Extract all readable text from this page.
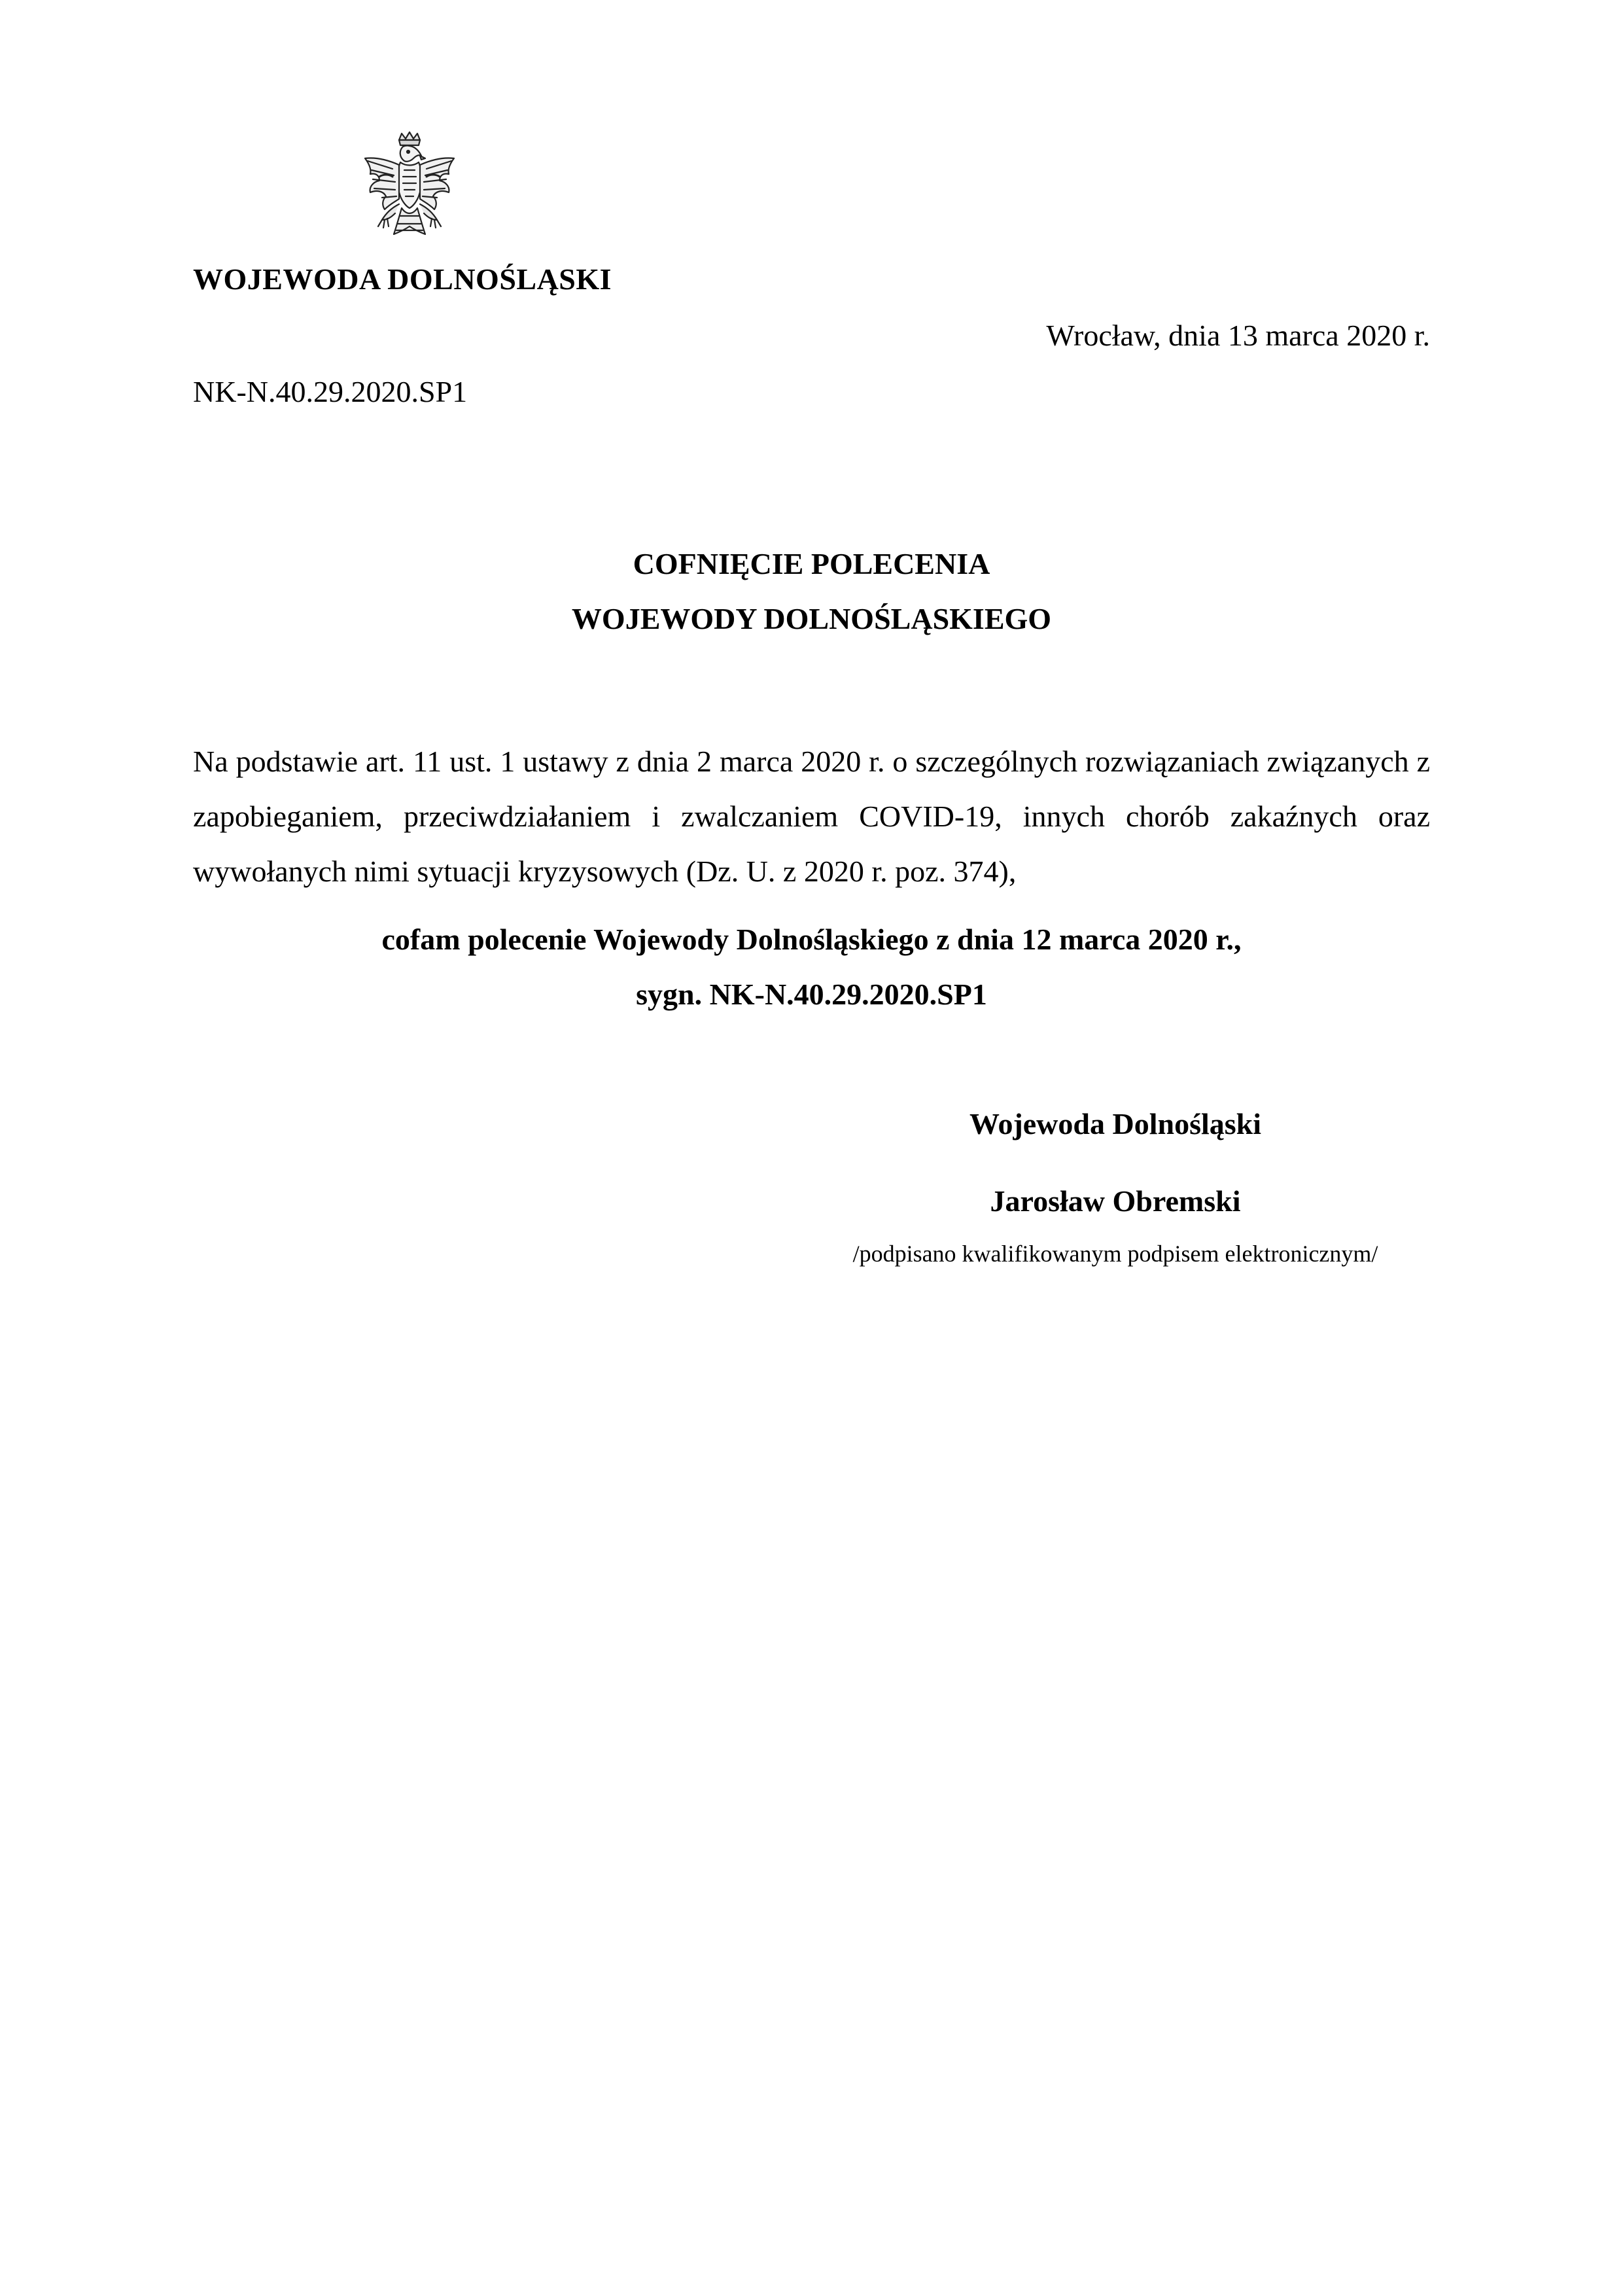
WOJEWODA DOLNOŚLĄSKI
Wrocław, dnia 13 marca 2020 r.
NK-N.40.29.2020.SP1
COFNIĘCIE POLECENIA
WOJEWODY DOLNOŚLĄSKIEGO
Na podstawie art. 11 ust. 1 ustawy z dnia 2 marca 2020 r. o szczególnych rozwiązaniach związanych z zapobieganiem, przeciwdziałaniem i zwalczaniem COVID-19, innych chorób zakaźnych oraz wywołanych nimi sytuacji kryzysowych (Dz. U. z 2020 r. poz. 374),
cofam polecenie Wojewody Dolnośląskiego z dnia 12 marca 2020 r.,
sygn. NK-N.40.29.2020.SP1
Wojewoda Dolnośląski
Jarosław Obremski
/podpisano kwalifikowanym podpisem elektronicznym/
